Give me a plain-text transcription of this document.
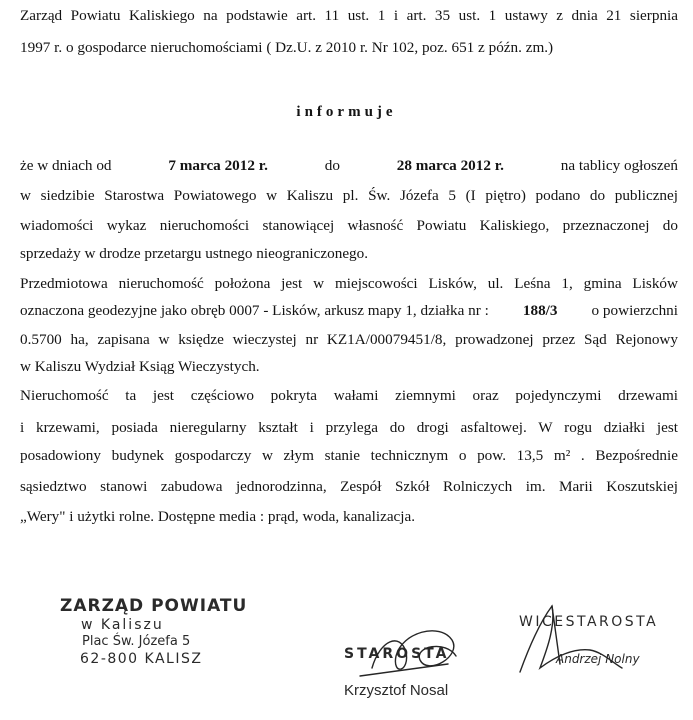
Zarząd Powiatu Kaliskiego na podstawie art. 11 ust. 1 i art. 35 ust. 1 ustawy z dnia 21 sierpnia
1997 r. o gospodarce nieruchomościami ( Dz.U. z 2010 r. Nr 102, poz. 651 z późn. zm.)
informuje
że w dniach od	7 marca 2012 r.	do	28 marca 2012 r.	na tablicy ogłoszeń
w siedzibie Starostwa Powiatowego w Kaliszu pl. Św. Józefa 5 (I piętro) podano do publicznej
wiadomości wykaz nieruchomości stanowiącej własność Powiatu Kaliskiego, przeznaczonej do
sprzedaży w drodze przetargu ustnego nieograniczonego.
Przedmiotowa nieruchomość położona jest w miejscowości Lisków, ul. Leśna 1, gmina Lisków
oznaczona geodezyjne jako obręb 0007 - Lisków, arkusz mapy 1, działka nr : 188/3 o powierzchni
0.5700 ha, zapisana w księdze wieczystej nr KZ1A/00079451/8, prowadzonej przez Sąd Rejonowy
w Kaliszu Wydział Ksiąg Wieczystych.
Nieruchomość ta jest częściowo pokryta wałami ziemnymi oraz pojedynczymi drzewami
i krzewami, posiada nieregularny kształt i przylega do drogi asfaltowej. W rogu działki jest
posadowiony budynek gospodarczy w złym stanie technicznym o pow. 13,5 m² . Bezpośrednie
sąsiedztwo stanowi zabudowa jednorodzinna, Zespół Szkół Rolniczych im. Marii Koszutskiej
„Wery" i użytki rolne. Dostępne media : prąd, woda, kanalizacja.
ZARZĄD POWIATU
w Kaliszu
Plac Św. Józefa 5
62-800 KALISZ	STAROSTA
Krzysztof Nosal
WICESTAROSTA
Andrzej Nolny
